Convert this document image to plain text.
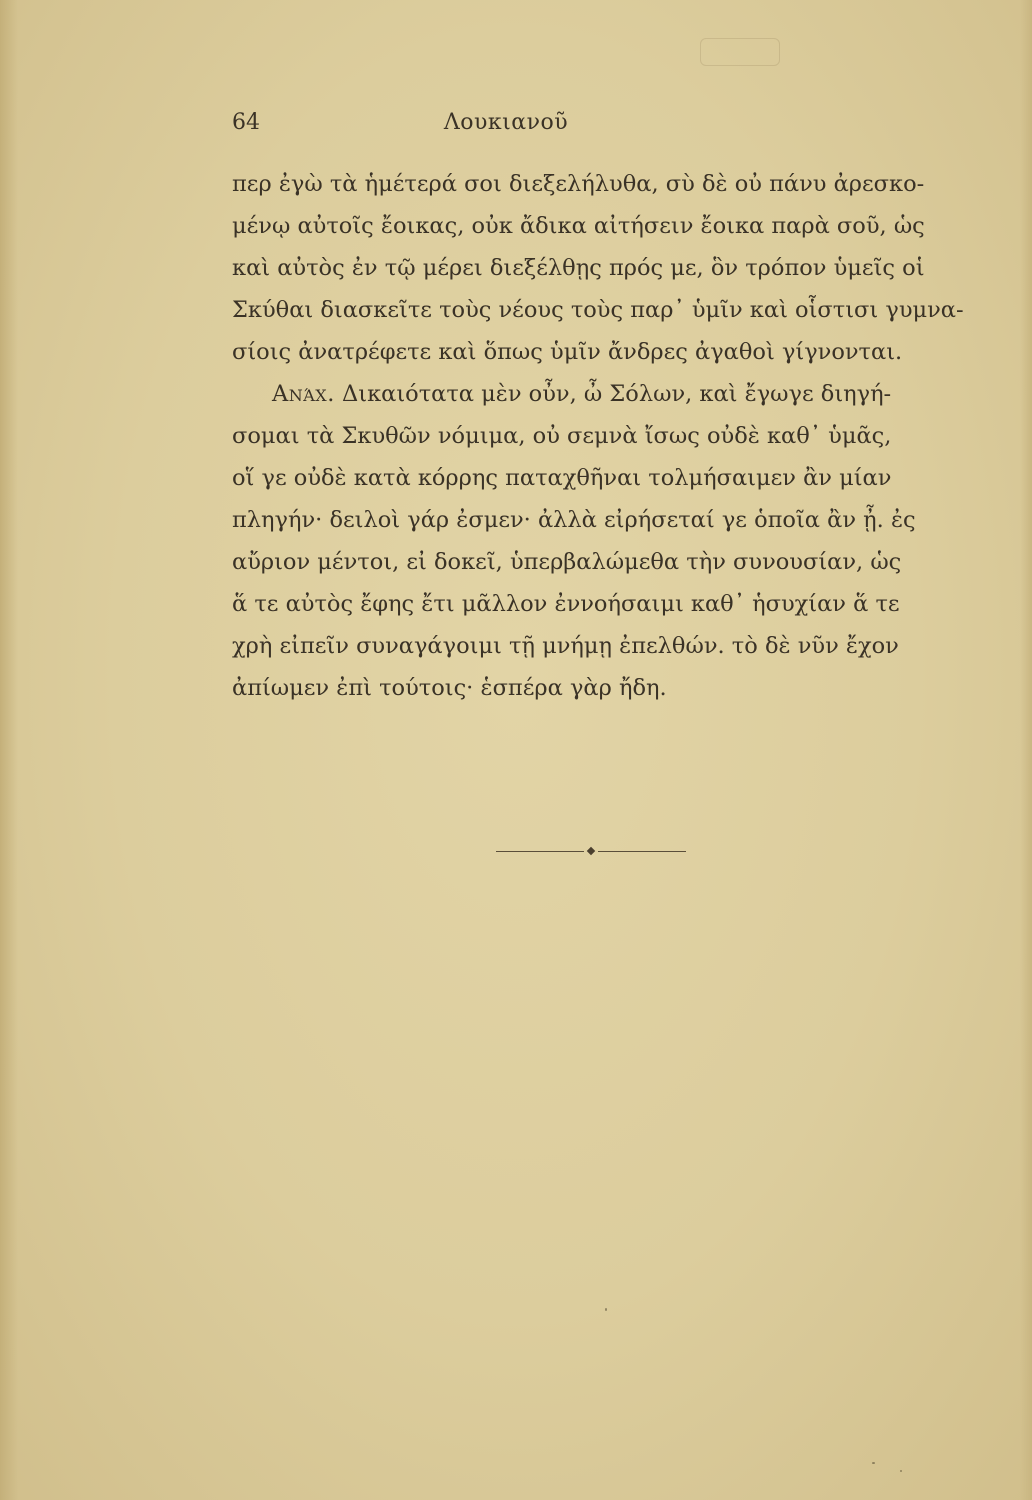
64	Λουκιανοῦ
περ ἐγὼ τὰ ἡμέτερά σοι διεξελήλυθα, σὺ δὲ οὐ πάνυ ἀρεσκο-
μένῳ αὐτοῖς ἔοικας, οὐκ ἄδικα αἰτήσειν ἔοικα παρὰ σοῦ, ὡς
καὶ αὐτὸς ἐν τῷ μέρει διεξέλθῃς πρός με, ὃν τρόπον ὑμεῖς οἱ
Σκύθαι διασκεῖτε τοὺς νέους τοὺς παρ᾿ ὑμῖν καὶ οἷστισι γυμνα-
σίοις ἀνατρέφετε καὶ ὅπως ὑμῖν ἄνδρες ἀγαθοὶ γίγνονται.
Ανάχ. Δικαιότατα μὲν οὖν, ὦ Σόλων, καὶ ἔγωγε διηγή-
σομαι τὰ Σκυθῶν νόμιμα, οὐ σεμνὰ ἴσως οὐδὲ καθ᾿ ὑμᾶς,
οἵ γε οὐδὲ κατὰ κόρρης παταχθῆναι τολμήσαιμεν ἂν μίαν
πληγήν· δειλοὶ γάρ ἐσμεν· ἀλλὰ εἰρήσεταί γε ὁποῖα ἂν ᾖ. ἐς
αὔριον μέντοι, εἰ δοκεῖ, ὑπερβαλώμεθα τὴν συνουσίαν, ὡς
ἅ τε αὐτὸς ἔφης ἔτι μᾶλλον ἐννοήσαιμι καθ᾿ ἡσυχίαν ἅ τε
χρὴ εἰπεῖν συναγάγοιμι τῇ μνήμῃ ἐπελθών. τὸ δὲ νῦν ἔχον
ἀπίωμεν ἐπὶ τούτοις· ἑσπέρα γὰρ ἤδη.
